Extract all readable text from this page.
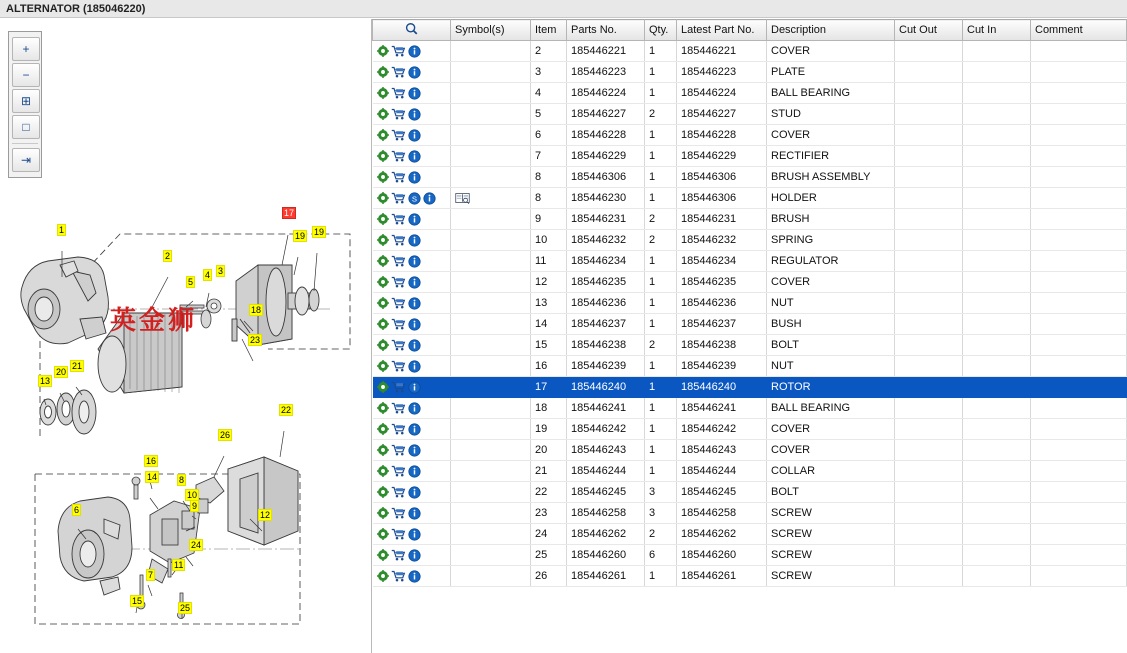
ALTERNATOR (185046220)
+
−
⊞
□
⇥
1
2
3
4
5
6
7
8
9
10
11
12
13
14
15
16
17
18
19 19
20
21
22
23
24
25
26
	Symbol(s)	Item	Parts No.	Qty.	Latest Part No.	Description	Cut Out	Cut In	Comment
		2	185446221	1	185446221	COVER			
		3	185446223	1	185446223	PLATE			
		4	185446224	1	185446224	BALL BEARING			
		5	185446227	2	185446227	STUD			
		6	185446228	1	185446228	COVER			
		7	185446229	1	185446229	RECTIFIER			
		8	185446306	1	185446306	BRUSH ASSEMBLY			

S		8	185446230	1	185446306	HOLDER			
		9	185446231	2	185446231	BRUSH			
		10	185446232	2	185446232	SPRING			
		11	185446234	1	185446234	REGULATOR			
		12	185446235	1	185446235	COVER			
		13	185446236	1	185446236	NUT			
		14	185446237	1	185446237	BUSH			
		15	185446238	2	185446238	BOLT			
		16	185446239	1	185446239	NUT			
		17	185446240	1	185446240	ROTOR			
		18	185446241	1	185446241	BALL BEARING			
		19	185446242	1	185446242	COVER			
		20	185446243	1	185446243	COVER			
		21	185446244	1	185446244	COLLAR			
		22	185446245	3	185446245	BOLT			
		23	185446258	3	185446258	SCREW			
		24	185446262	2	185446262	SCREW			
		25	185446260	6	185446260	SCREW			
		26	185446261	1	185446261	SCREW			
英金狮
